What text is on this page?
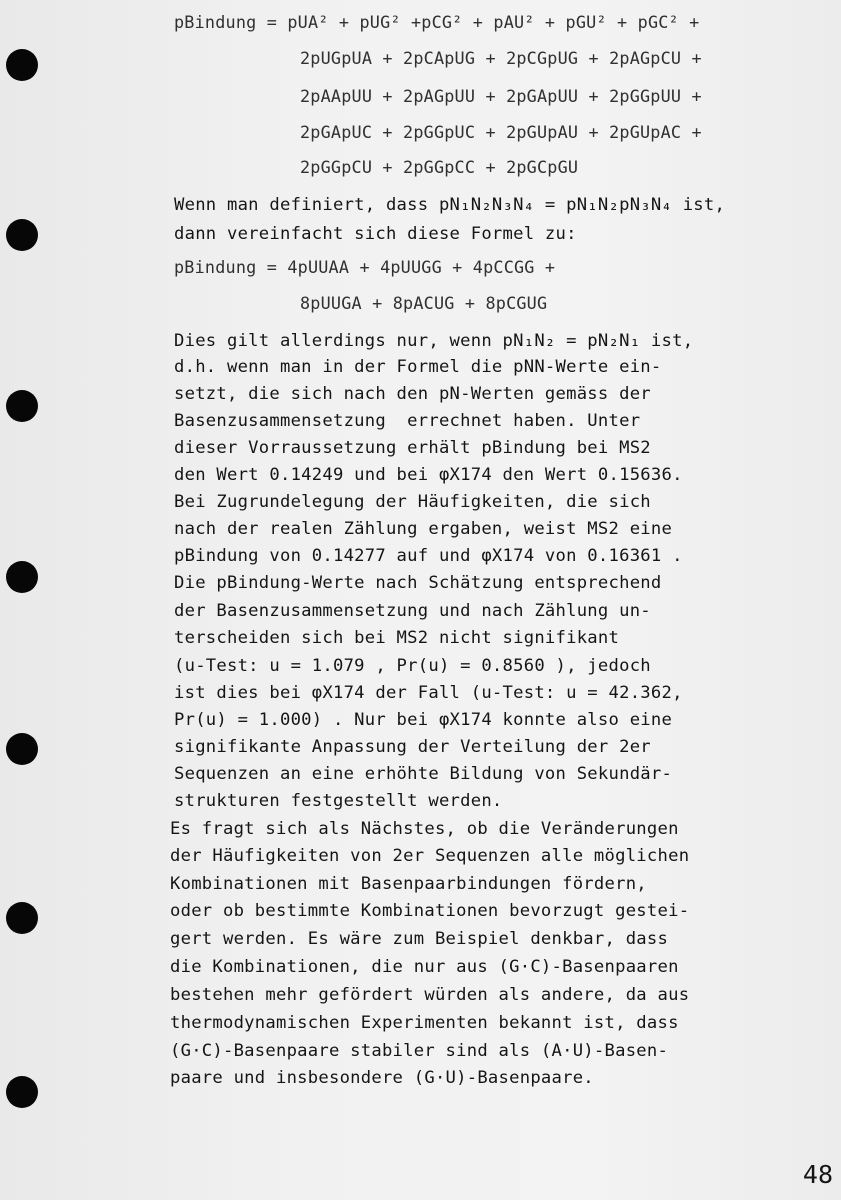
pBindung = pUA² + pUG² +pCG² + pAU² + pGU² + pGC² +
2pUGpUA + 2pCApUG + 2pCGpUG + 2pAGpCU +
2pAApUU + 2pAGpUU + 2pGApUU + 2pGGpUU +
2pGApUC + 2pGGpUC + 2pGUpAU + 2pGUpAC +
2pGGpCU + 2pGGpCC + 2pGCpGU
Wenn man definiert, dass pN₁N₂N₃N₄ = pN₁N₂pN₃N₄ ist,
dann vereinfacht sich diese Formel zu:
pBindung = 4pUUAA + 4pUUGG + 4pCCGG +
8pUUGA + 8pACUG + 8pCGUG
Dies gilt allerdings nur, wenn pN₁N₂ = pN₂N₁ ist,
d.h. wenn man in der Formel die pNN-Werte ein-
setzt, die sich nach den pN-Werten gemäss der
Basenzusammensetzung  errechnet haben. Unter
dieser Vorraussetzung erhält pBindung bei MS2
den Wert 0.14249 und bei φX174 den Wert 0.15636.
Bei Zugrundelegung der Häufigkeiten, die sich
nach der realen Zählung ergaben, weist MS2 eine
pBindung von 0.14277 auf und φX174 von 0.16361 .
Die pBindung-Werte nach Schätzung entsprechend
der Basenzusammensetzung und nach Zählung un-
terscheiden sich bei MS2 nicht signifikant
(u-Test: u = 1.079 , Pr(u) = 0.8560 ), jedoch
ist dies bei φX174 der Fall (u-Test: u = 42.362,
Pr(u) = 1.000) . Nur bei φX174 konnte also eine
signifikante Anpassung der Verteilung der 2er
Sequenzen an eine erhöhte Bildung von Sekundär-
strukturen festgestellt werden.
Es fragt sich als Nächstes, ob die Veränderungen
der Häufigkeiten von 2er Sequenzen alle möglichen
Kombinationen mit Basenpaarbindungen fördern,
oder ob bestimmte Kombinationen bevorzugt gestei-
gert werden. Es wäre zum Beispiel denkbar, dass
die Kombinationen, die nur aus (G·C)-Basenpaaren
bestehen mehr gefördert würden als andere, da aus
thermodynamischen Experimenten bekannt ist, dass
(G·C)-Basenpaare stabiler sind als (A·U)-Basen-
paare und insbesondere (G·U)-Basenpaare.
48
